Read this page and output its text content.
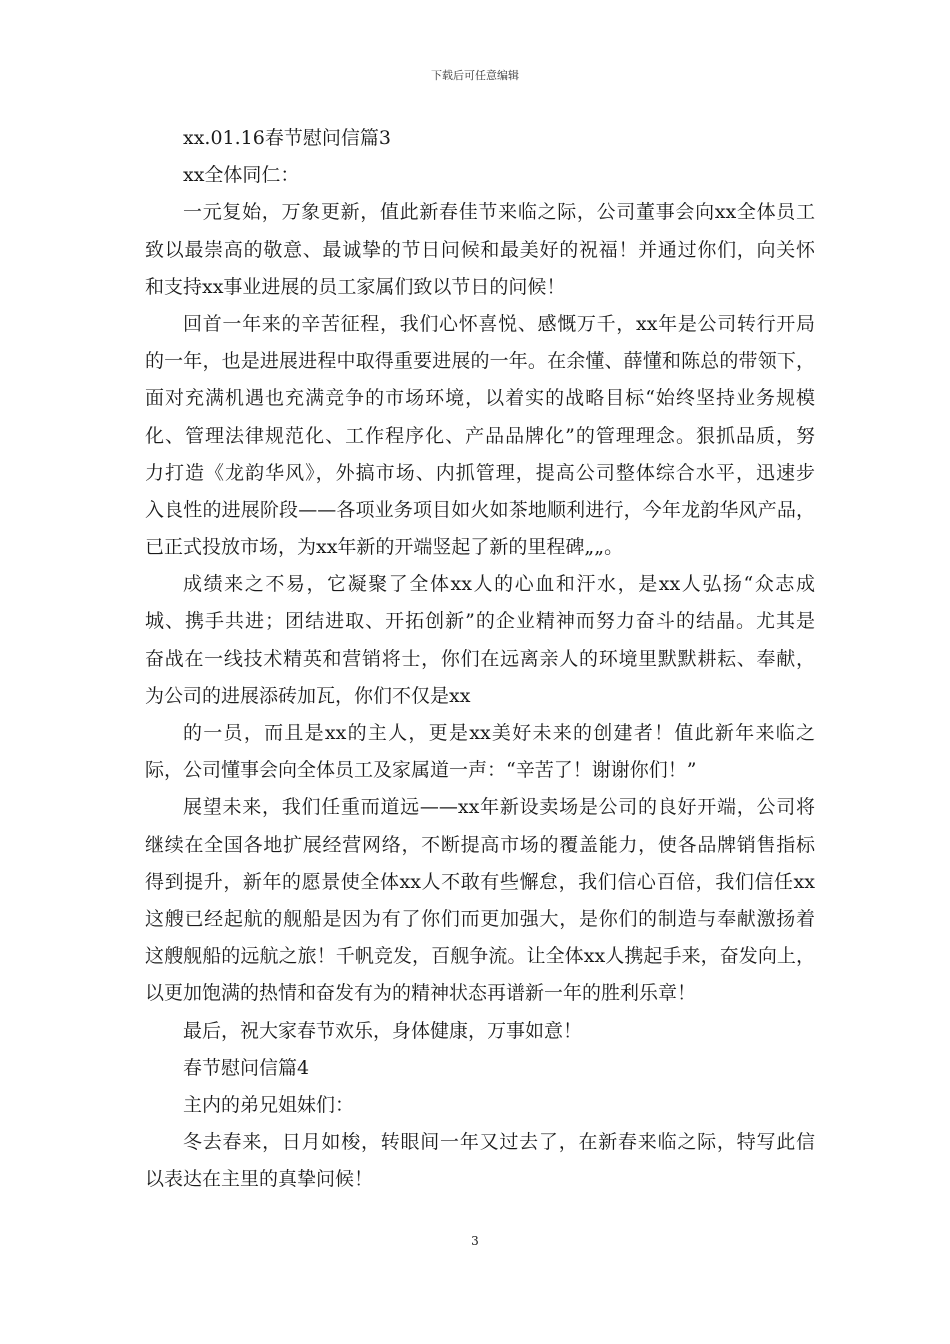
下载后可任意编辑
xx.01.16春节慰问信篇3
xx全体同仁：
一元复始，万象更新，值此新春佳节来临之际，公司董事会向xx全体员工
致以最崇高的敬意、最诚挚的节日问候和最美好的祝福！并通过你们，向关怀
和支持xx事业进展的员工家属们致以节日的问候！
回首一年来的辛苦征程，我们心怀喜悦、感慨万千，xx年是公司转行开局
的一年，也是进展进程中取得重要进展的一年。在余懂、薛懂和陈总的带领下，
面对充满机遇也充满竞争的市场环境，以着实的战略目标“始终坚持业务规模
化、管理法律规范化、工作程序化、产品品牌化”的管理理念。狠抓品质，努
力打造《龙韵华风》，外搞市场、内抓管理，提高公司整体综合水平，迅速步
入良性的进展阶段——各项业务项目如火如茶地顺利进行，今年龙韵华风产品，
已正式投放市场，为xx年新的开端竖起了新的里程碑„„。
成绩来之不易，它凝聚了全体xx人的心血和汗水，是xx人弘扬“众志成
城、携手共进；团结进取、开拓创新”的企业精神而努力奋斗的结晶。尤其是
奋战在一线技术精英和营销将士，你们在远离亲人的环境里默默耕耘、奉献，
为公司的进展添砖加瓦，你们不仅是xx
的一员，而且是xx的主人，更是xx美好未来的创建者！值此新年来临之
际，公司懂事会向全体员工及家属道一声：“辛苦了！谢谢你们！”
展望未来，我们任重而道远——xx年新设卖场是公司的良好开端，公司将
继续在全国各地扩展经营网络，不断提高市场的覆盖能力，使各品牌销售指标
得到提升，新年的愿景使全体xx人不敢有些懈怠，我们信心百倍，我们信任xx
这艘已经起航的舰船是因为有了你们而更加强大，是你们的制造与奉献激扬着
这艘舰船的远航之旅！千帆竞发，百舰争流。让全体xx人携起手来，奋发向上，
以更加饱满的热情和奋发有为的精神状态再谱新一年的胜利乐章！
最后，祝大家春节欢乐，身体健康，万事如意！
春节慰问信篇4
主内的弟兄姐妹们：
冬去春来，日月如梭，转眼间一年又过去了，在新春来临之际，特写此信
以表达在主里的真挚问候！
3
